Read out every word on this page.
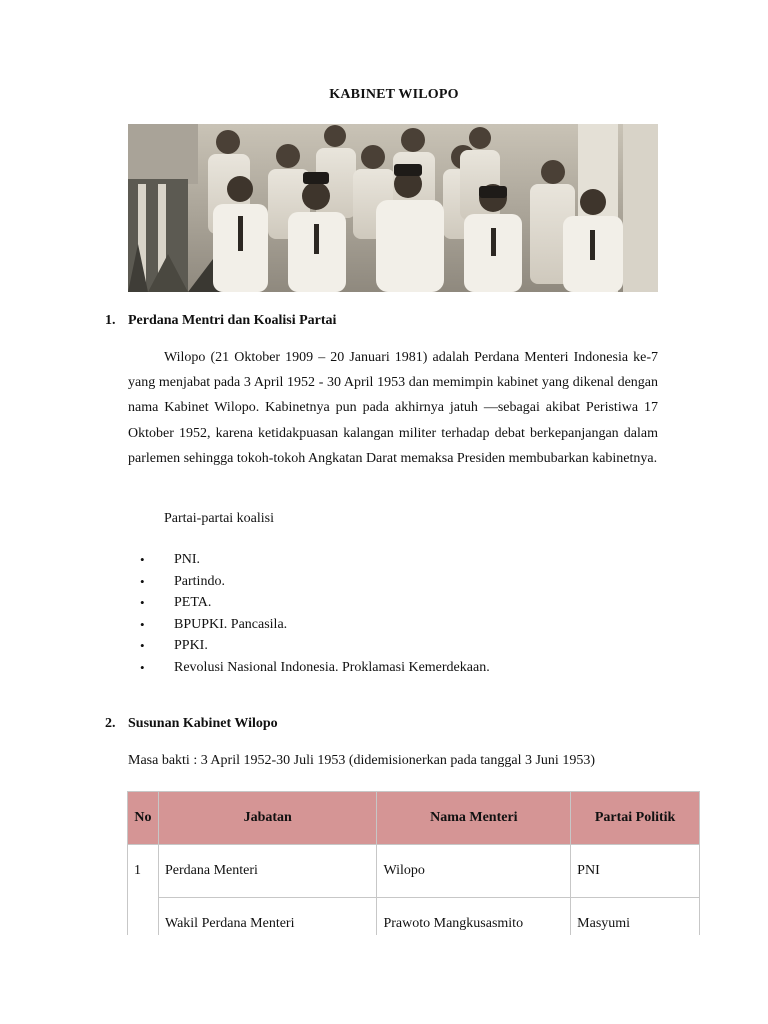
KABINET WILOPO
1. Perdana Mentri dan Koalisi Partai

Wilopo (21 Oktober 1909 – 20 Januari 1981) adalah Perdana Menteri Indonesia ke-7 yang menjabat pada 3 April 1952 - 30 April 1953 dan memimpin kabinet yang dikenal dengan nama Kabinet Wilopo. Kabinetnya pun pada akhirnya jatuh —sebagai akibat Peristiwa 17 Oktober 1952, karena ketidakpuasan kalangan militer terhadap debat berkepanjangan dalam parlemen sehingga tokoh-tokoh Angkatan Darat memaksa Presiden membubarkan kabinetnya.

Partai-partai koalisi
• PNI.
• Partindo.
• PETA.
• BPUPKI. Pancasila.
• PPKI.
• Revolusi Nasional Indonesia. Proklamasi Kemerdekaan.
2. Susunan Kabinet Wilopo
Masa bakti : 3 April 1952-30 Juli 1953 (didemisionerkan pada tanggal 3 Juni 1953)
No	Jabatan	Nama Menteri	Partai Politik
1	Perdana Menteri	Wilopo	PNI
	Wakil Perdana Menteri	Prawoto Mangkusasmito	Masyumi
